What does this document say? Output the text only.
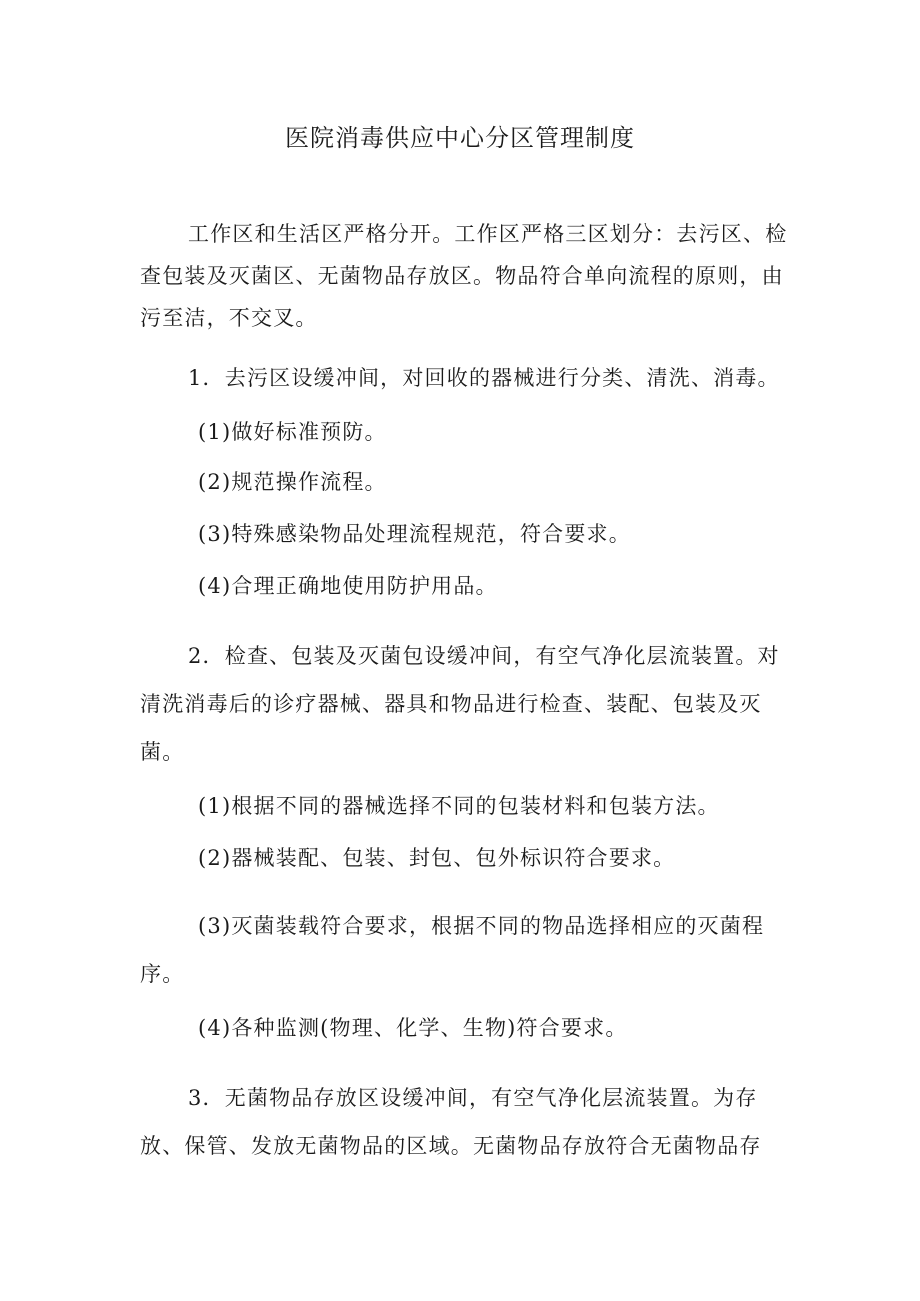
医院消毒供应中心分区管理制度

工作区和生活区严格分开。工作区严格三区划分：去污区、检查包装及灭菌区、无菌物品存放区。物品符合单向流程的原则，由污至洁，不交叉。

1．去污区设缓冲间，对回收的器械进行分类、清洗、消毒。

(1)做好标准预防。

(2)规范操作流程。

(3)特殊感染物品处理流程规范，符合要求。

(4)合理正确地使用防护用品。

2．检查、包装及灭菌包设缓冲间，有空气净化层流装置。对清洗消毒后的诊疗器械、器具和物品进行检查、装配、包装及灭菌。

(1)根据不同的器械选择不同的包装材料和包装方法。

(2)器械装配、包装、封包、包外标识符合要求。

(3)灭菌装载符合要求，根据不同的物品选择相应的灭菌程序。

(4)各种监测(物理、化学、生物)符合要求。

3．无菌物品存放区设缓冲间，有空气净化层流装置。为存放、保管、发放无菌物品的区域。无菌物品存放符合无菌物品存
